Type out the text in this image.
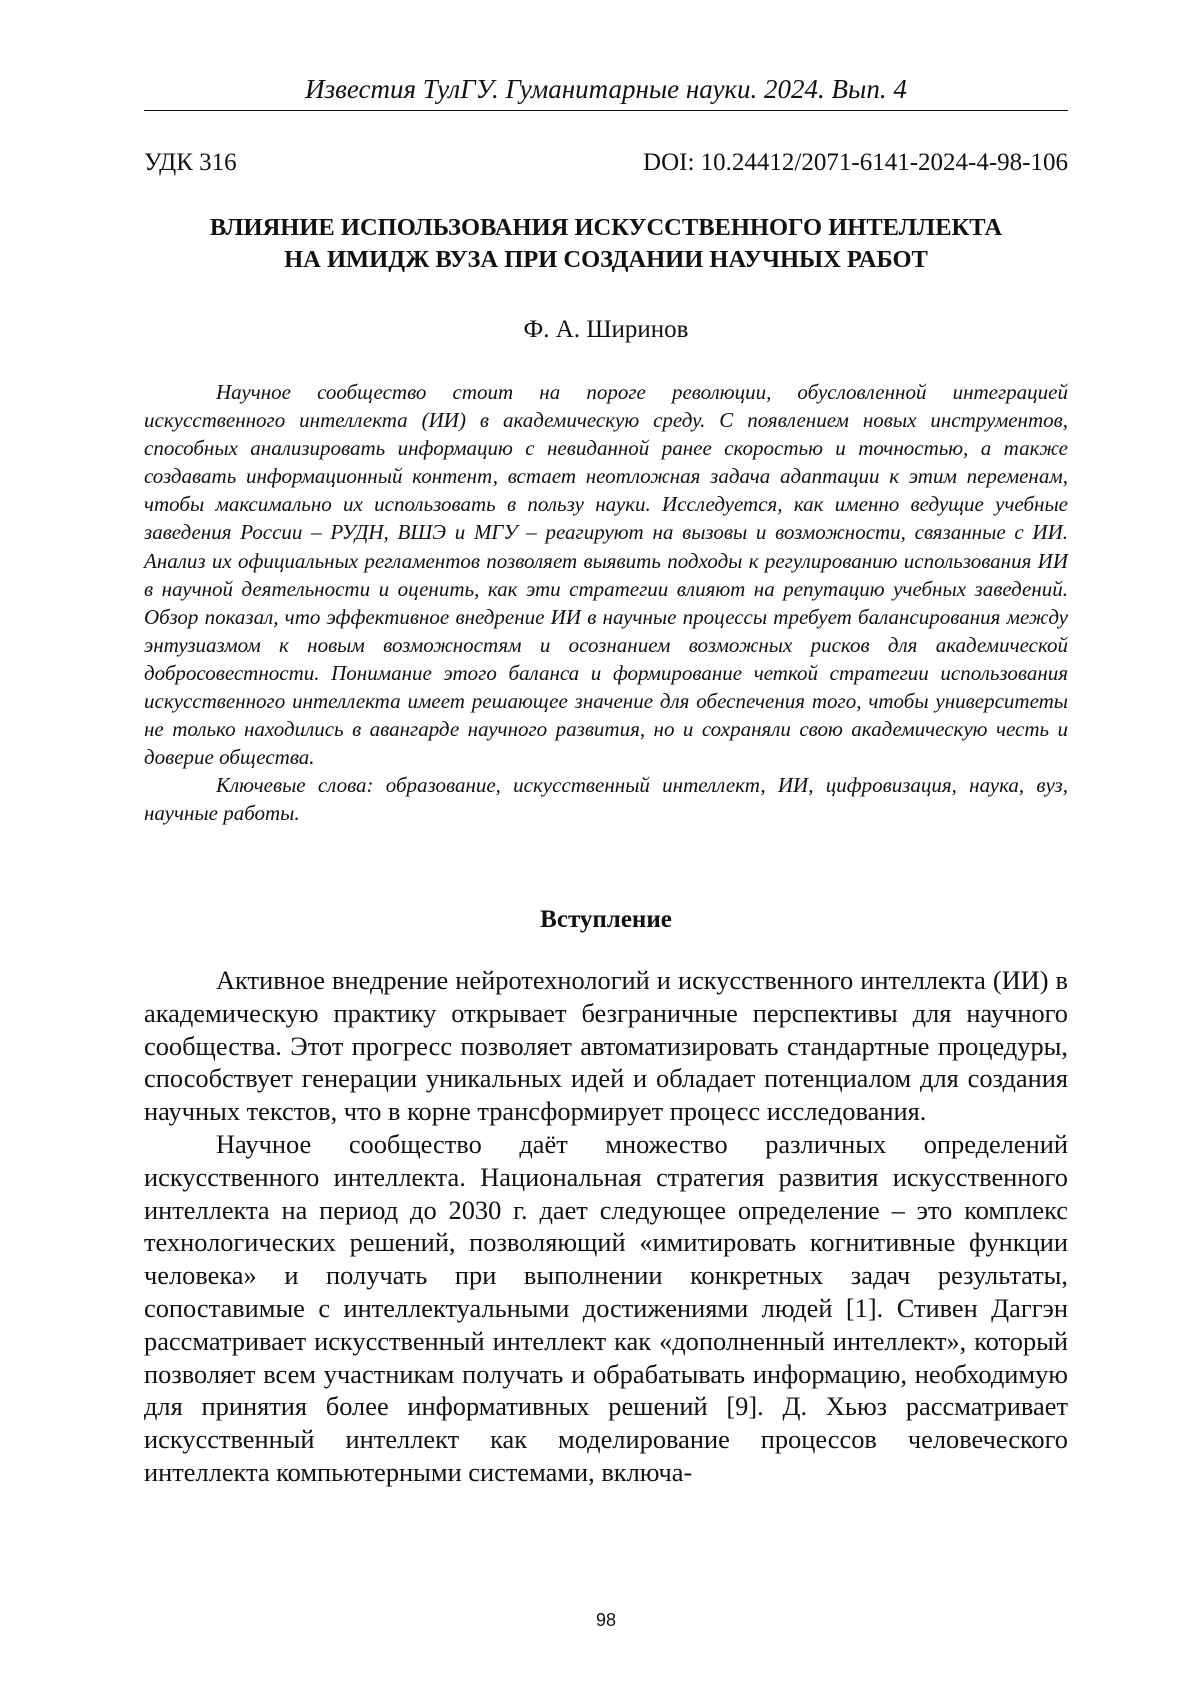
Известия ТулГУ. Гуманитарные науки. 2024. Вып. 4
УДК 316	DOI: 10.24412/2071-6141-2024-4-98-106
ВЛИЯНИЕ ИСПОЛЬЗОВАНИЯ ИСКУССТВЕННОГО ИНТЕЛЛЕКТА
НА ИМИДЖ ВУЗА ПРИ СОЗДАНИИ НАУЧНЫХ РАБОТ
Ф. А. Ширинов

Научное сообщество стоит на пороге революции, обусловленной интеграцией искусственного интеллекта (ИИ) в академическую среду. С появлением новых инструментов, способных анализировать информацию с невиданной ранее скоростью и точностью, а также создавать информационный контент, встает неотложная задача адаптации к этим переменам, чтобы максимально их использовать в пользу науки. Исследуется, как именно ведущие учебные заведения России – РУДН, ВШЭ и МГУ – реагируют на вызовы и возможности, связанные с ИИ. Анализ их официальных регламентов позволяет выявить подходы к регулированию использования ИИ в научной деятельности и оценить, как эти стратегии влияют на репутацию учебных заведений. Обзор показал, что эффективное внедрение ИИ в научные процессы требует балансирования между энтузиазмом к новым возможностям и осознанием возможных рисков для академической добросовестности. Понимание этого баланса и формирование четкой стратегии использования искусственного интеллекта имеет решающее значение для обеспечения того, чтобы университеты не только находились в авангарде научного развития, но и сохраняли свою академическую честь и доверие общества.

Ключевые слова: образование, искусственный интеллект, ИИ, цифровизация, наука, вуз, научные работы.

Вступление

Активное внедрение нейротехнологий и искусственного интеллекта (ИИ) в академическую практику открывает безграничные перспективы для научного сообщества. Этот прогресс позволяет автоматизировать стандартные процедуры, способствует генерации уникальных идей и обладает потенциалом для создания научных текстов, что в корне трансформирует процесс исследования.

Научное сообщество даёт множество различных определений искусственного интеллекта. Национальная стратегия развития искусственного интеллекта на период до 2030 г. дает следующее определение – это комплекс технологических решений, позволяющий «имитировать когнитивные функции человека» и получать при выполнении конкретных задач результаты, сопоставимые с интеллектуальными достижениями людей [1]. Стивен Даггэн рассматривает искусственный интеллект как «дополненный интеллект», который позволяет всем участникам получать и обрабатывать информацию, необходимую для принятия более информативных решений [9]. Д. Хьюз рассматривает искусственный интеллект как моделирование процессов человеческого интеллекта компьютерными системами, включа-

98
